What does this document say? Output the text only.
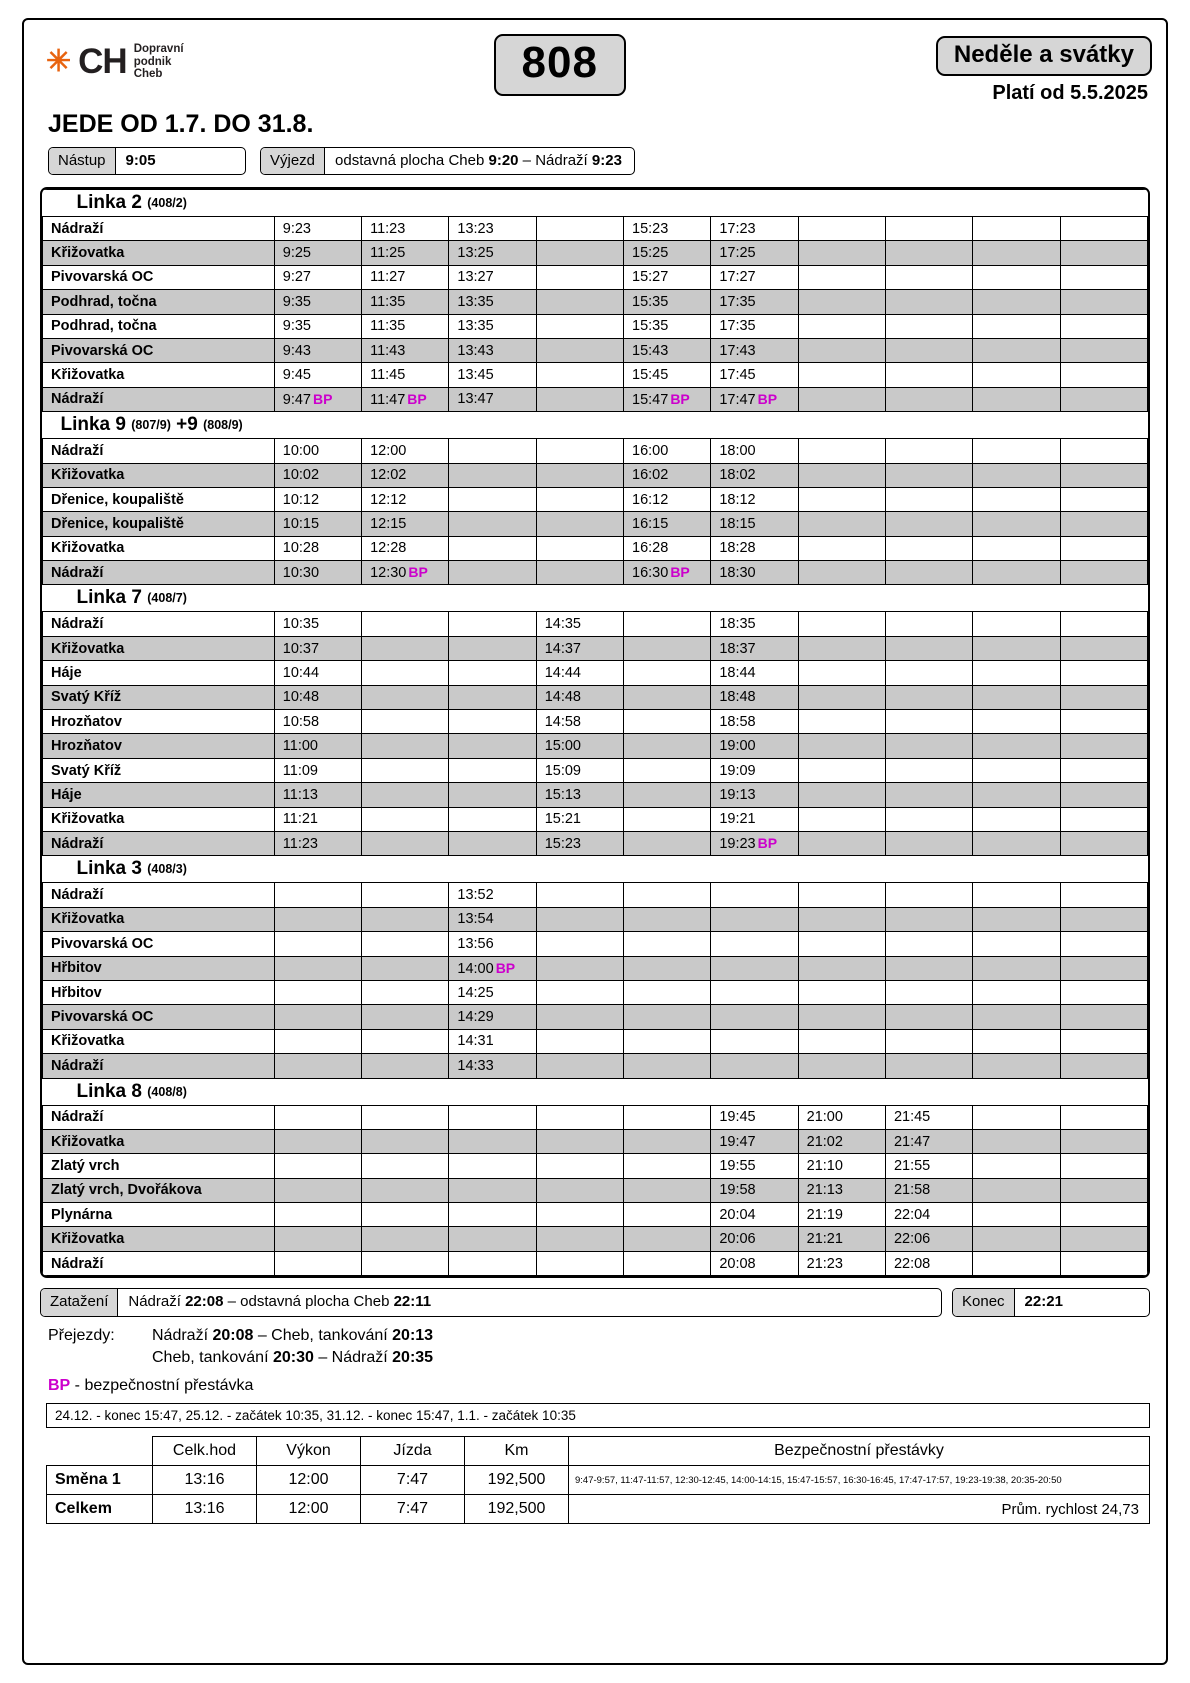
✳ CH Dopravní
podnik
Cheb	808	Neděle a svátky
Platí od 5.5.2025
JEDE OD 1.7. DO 31.8.
Nástup	9:05	Výjezd	odstavná plocha Cheb 9:20 – Nádraží 9:23
Linka 2 (408/2)										
Nádraží	9:23	11:23	13:23		15:23	17:23				
Křižovatka	9:25	11:25	13:25		15:25	17:25				
Pivovarská OC	9:27	11:27	13:27		15:27	17:27				
Podhrad, točna	9:35	11:35	13:35		15:35	17:35				
Podhrad, točna	9:35	11:35	13:35		15:35	17:35				
Pivovarská OC	9:43	11:43	13:43		15:43	17:43				
Křižovatka	9:45	11:45	13:45		15:45	17:45				
Nádraží	9:47 BP	11:47 BP	13:47		15:47 BP	17:47 BP				
Linka 9 (807/9) +9 (808/9)										
Nádraží	10:00	12:00			16:00	18:00				
Křižovatka	10:02	12:02			16:02	18:02				
Dřenice, koupaliště	10:12	12:12			16:12	18:12				
Dřenice, koupaliště	10:15	12:15			16:15	18:15				
Křižovatka	10:28	12:28			16:28	18:28				
Nádraží	10:30	12:30 BP			16:30 BP	18:30				
Linka 7 (408/7)										
Nádraží	10:35			14:35		18:35				
Křižovatka	10:37			14:37		18:37				
Háje	10:44			14:44		18:44				
Svatý Kříž	10:48			14:48		18:48				
Hrozňatov	10:58			14:58		18:58				
Hrozňatov	11:00			15:00		19:00				
Svatý Kříž	11:09			15:09		19:09				
Háje	11:13			15:13		19:13				
Křižovatka	11:21			15:21		19:21				
Nádraží	11:23			15:23		19:23 BP				
Linka 3 (408/3)										
Nádraží			13:52							
Křižovatka			13:54							
Pivovarská OC			13:56							
Hřbitov			14:00 BP							
Hřbitov			14:25							
Pivovarská OC			14:29							
Křižovatka			14:31							
Nádraží			14:33							
Linka 8 (408/8)										
Nádraží						19:45	21:00	21:45		
Křižovatka						19:47	21:02	21:47		
Zlatý vrch						19:55	21:10	21:55		
Zlatý vrch, Dvořákova						19:58	21:13	21:58		
Plynárna						20:04	21:19	22:04		
Křižovatka						20:06	21:21	22:06		
Nádraží						20:08	21:23	22:08		
Zatažení	Nádraží 22:08 – odstavná plocha Cheb 22:11	Konec	22:21
Přejezdy:	Nádraží 20:08 – Cheb, tankování 20:13
Cheb, tankování 20:30 – Nádraží 20:35
BP - bezpečnostní přestávka
24.12. - konec 15:47, 25.12. - začátek 10:35, 31.12. - konec 15:47, 1.1. - začátek 10:35
	Celk.hod	Výkon	Jízda	Km	Bezpečnostní přestávky
Směna 1	13:16	12:00	7:47	192,500	9:47-9:57, 11:47-11:57, 12:30-12:45, 14:00-14:15, 15:47-15:57, 16:30-16:45, 17:47-17:57, 19:23-19:38, 20:35-20:50
Celkem	13:16	12:00	7:47	192,500	Prům. rychlost 24,73
